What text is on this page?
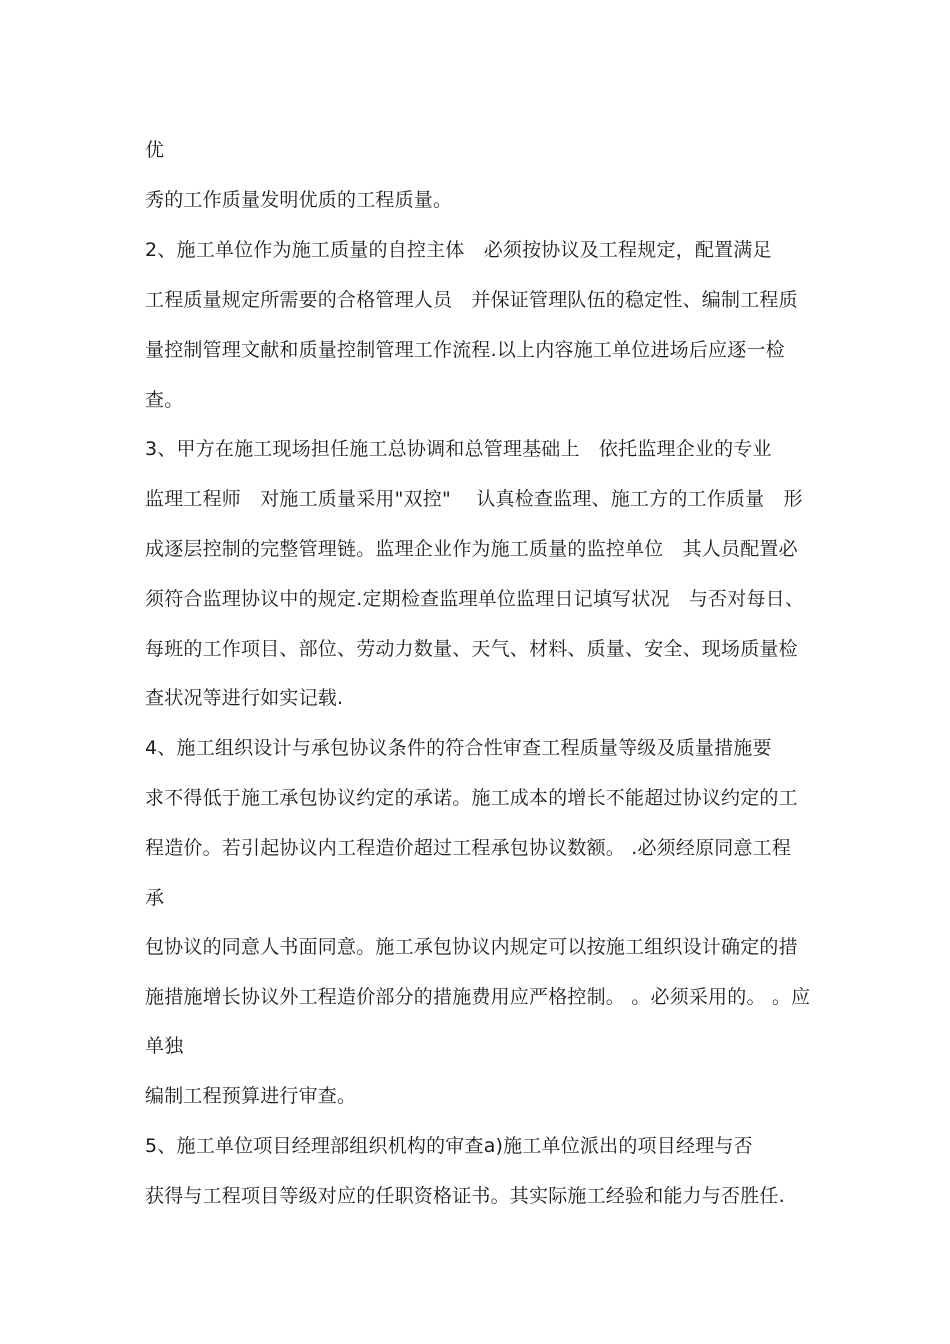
优
秀的工作质量发明优质的工程质量。
2、施工单位作为施工质量的自控主体　必须按协议及工程规定，配置满足
工程质量规定所需要的合格管理人员　并保证管理队伍的稳定性、编制工程质
量控制管理文献和质量控制管理工作流程.以上内容施工单位进场后应逐一检
查。
3、甲方在施工现场担任施工总协调和总管理基础上　依托监理企业的专业
监理工程师　对施工质量采用"双控"　 认真检查监理、施工方的工作质量　形
成逐层控制的完整管理链。监理企业作为施工质量的监控单位　其人员配置必
须符合监理协议中的规定.定期检查监理单位监理日记填写状况　与否对每日、
每班的工作项目、部位、劳动力数量、天气、材料、质量、安全、现场质量检
查状况等进行如实记载.
4、施工组织设计与承包协议条件的符合性审查工程质量等级及质量措施要
求不得低于施工承包协议约定的承诺。施工成本的增长不能超过协议约定的工
程造价。若引起协议内工程造价超过工程承包协议数额。 .必须经原同意工程
承
包协议的同意人书面同意。施工承包协议内规定可以按施工组织设计确定的措
施措施增长协议外工程造价部分的措施费用应严格控制。 。必须采用的。 。应
单独
编制工程预算进行审查。
5、施工单位项目经理部组织机构的审查a)施工单位派出的项目经理与否
获得与工程项目等级对应的任职资格证书。其实际施工经验和能力与否胜任.
